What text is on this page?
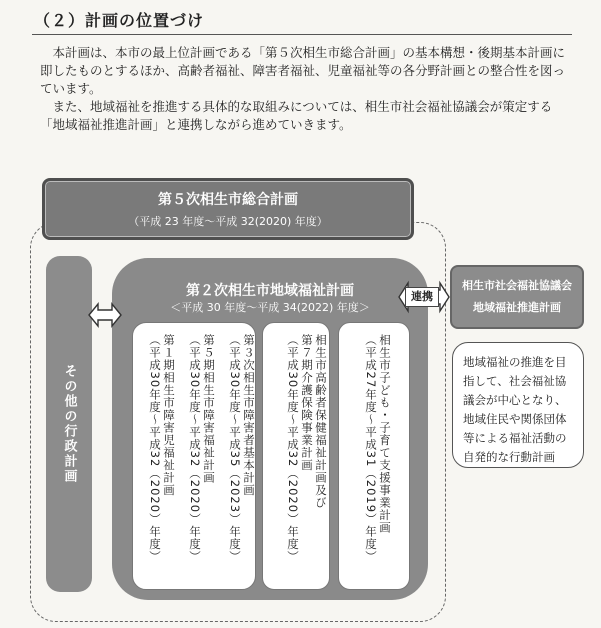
（２）計画の位置づけ

本計画は、本市の最上位計画である「第５次相生市総合計画」の基本構想・後期基本計画に即したものとするほか、高齢者福祉、障害者福祉、児童福祉等の各分野計画との整合性を図っています。

また、地域福祉を推進する具体的な取組みについては、相生市社会福祉協議会が策定する「地域福祉推進計画」と連携しながら進めていきます。

第５次相生市総合計画
（平成 23 年度～平成 32(2020) 年度）
その他の行政計画
第２次相生市地域福祉計画
＜平成 30 年度～平成 34(2022) 年度＞
第３次相生市障害者基本計画
（平成30年度～平成35（2023）年度）
第５期相生市障害福祉計画
（平成30年度～平成32（2020）年度）
第１期相生市障害児福祉計画
（平成30年度～平成32（2020）年度）	相生市高齢者保健福祉計画及び
第７期介護保険事業計画
（平成30年度～平成32（2020）年度）	相生市子ども・子育て支援事業計画
（平成27年度～平成31（2019）年度）
連携
相生市社会福祉協議会
地域福祉推進計画
地域福祉の推進を目指して、社会福祉協議会が中心となり、地域住民や関係団体等による福祉活動の自発的な行動計画
